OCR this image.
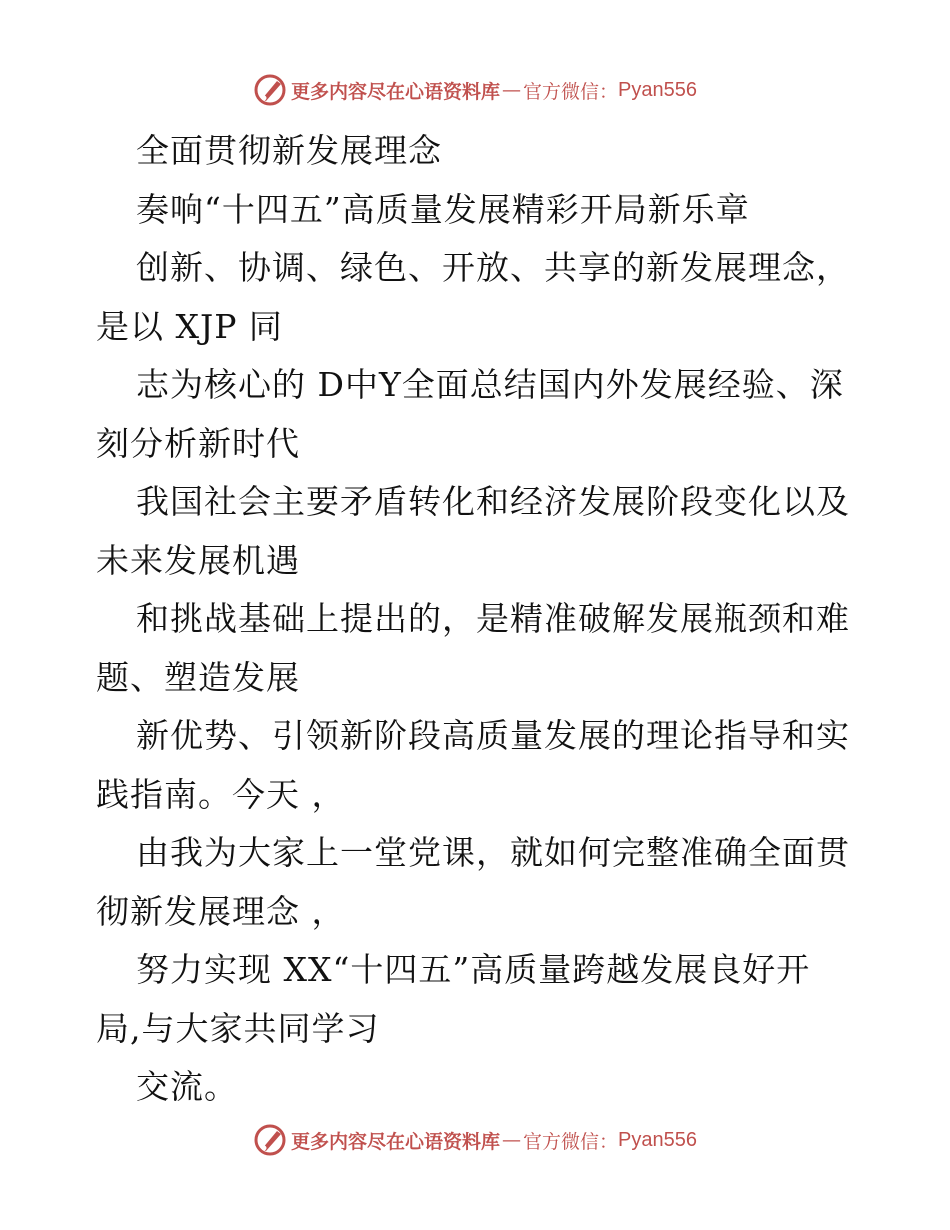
更多内容尽在心语资料库 — 官方微信： Pyan556
全面贯彻新发展理念
奏响“十四五”高质量发展精彩开局新乐章
创新、协调、绿色、开放、共享的新发展理念，
是以 XJP 同
志为核心的 D中Y全面总结国内外发展经验、深
刻分析新时代
我国社会主要矛盾转化和经济发展阶段变化以及
未来发展机遇
和挑战基础上提出的，是精准破解发展瓶颈和难
题、塑造发展
新优势、引领新阶段高质量发展的理论指导和实
践指南。今天 ，
由我为大家上一堂党课，就如何完整准确全面贯
彻新发展理念 ，
努力实现 XX“十四五”高质量跨越发展良好开
局,与大家共同学习
交流。
更多内容尽在心语资料库 — 官方微信： Pyan556
